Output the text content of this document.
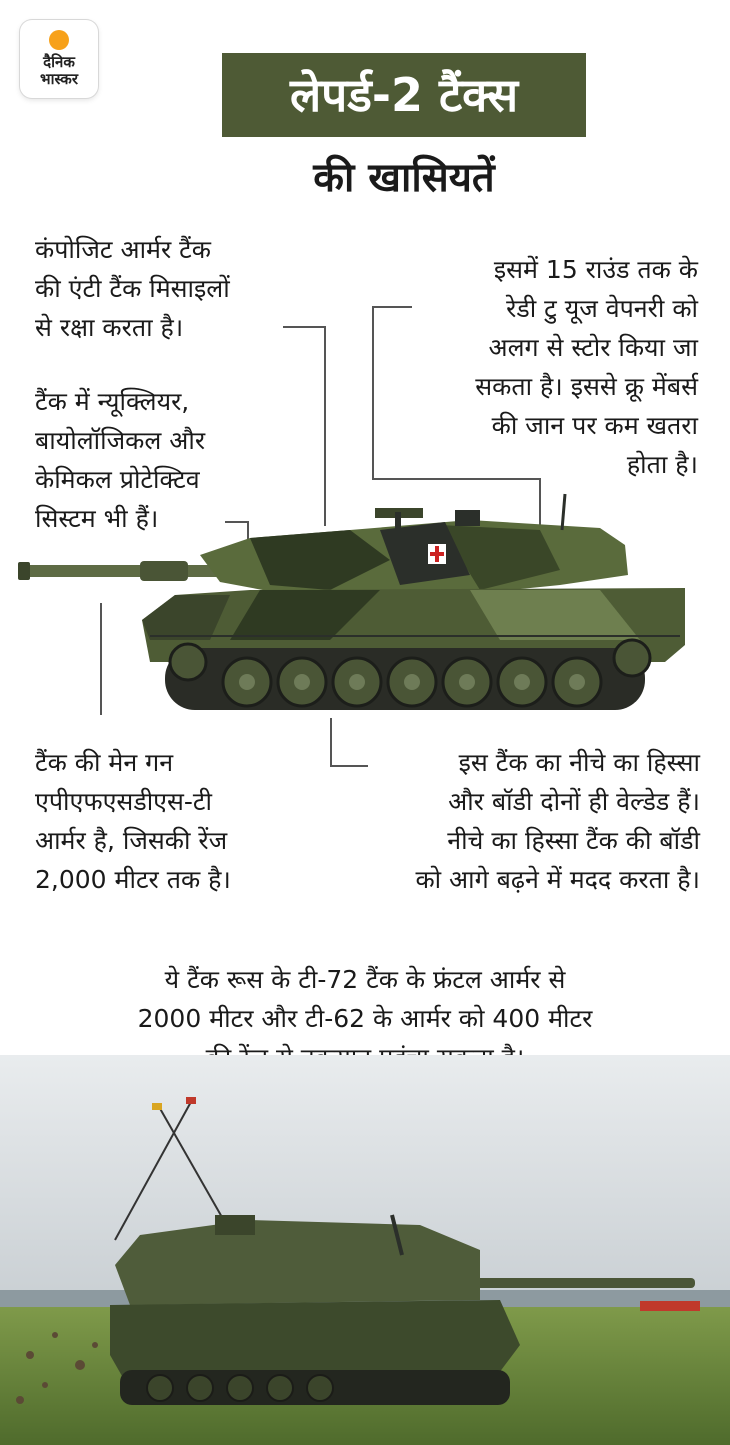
दैनिक
भास्कर	लेपर्ड-2 टैंक्स
की खासियतें
कंपोजिट आर्मर टैंक
की एंटी टैंक मिसाइलों
से रक्षा करता है।
इसमें 15 राउंड तक के
रेडी टु यूज वेपनरी को
अलग से स्टोर किया जा
सकता है। इससे क्रू मेंबर्स
की जान पर कम खतरा
होता है।
टैंक में न्यूक्लियर,
बायोलॉजिकल और
केमिकल प्रोटेक्टिव
सिस्टम भी हैं।
टैंक की मेन गन
एपीएफएसडीएस-टी
आर्मर है, जिसकी रेंज
2,000 मीटर तक है।
इस टैंक का नीचे का हिस्सा
और बॉडी दोनों ही वेल्डेड हैं।
नीचे का हिस्सा टैंक की बॉडी
को आगे बढ़ने में मदद करता है।
ये टैंक रूस के टी-72 टैंक के फ्रंटल आर्मर से
2000 मीटर और टी-62 के आर्मर को 400 मीटर
